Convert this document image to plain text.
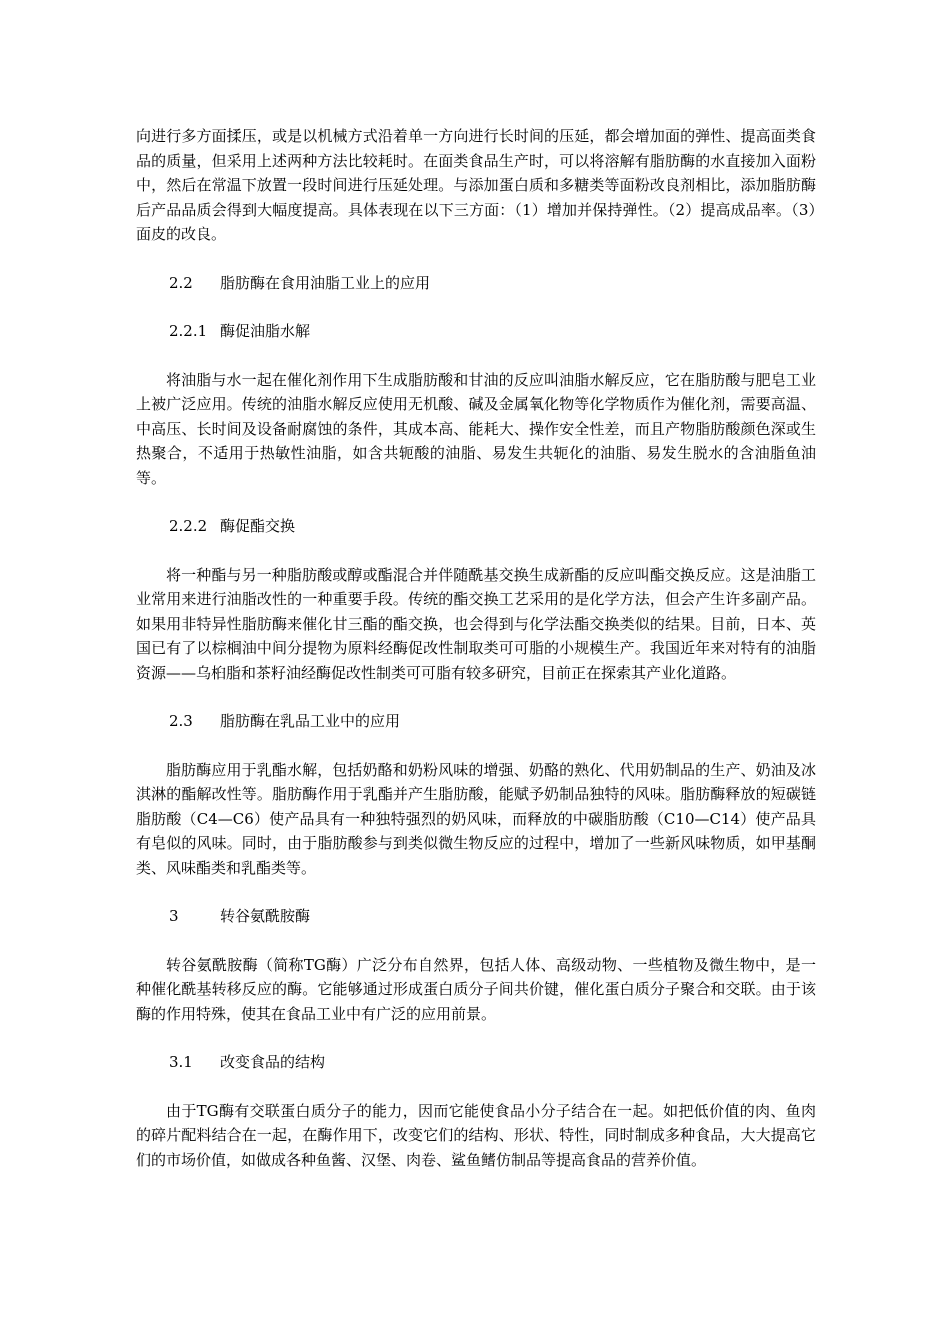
向进行多方面揉压，或是以机械方式沿着单一方向进行长时间的压延，都会增加面的弹性、提高面类食品的质量，但采用上述两种方法比较耗时。在面类食品生产时，可以将溶解有脂肪酶的水直接加入面粉中，然后在常温下放置一段时间进行压延处理。与添加蛋白质和多糖类等面粉改良剂相比，添加脂肪酶后产品品质会得到大幅度提高。具体表现在以下三方面：（1）增加并保持弹性。（2）提高成品率。（3）面皮的改良。

2.2 脂肪酶在食用油脂工业上的应用

2.2.1 酶促油脂水解

将油脂与水一起在催化剂作用下生成脂肪酸和甘油的反应叫油脂水解反应，它在脂肪酸与肥皂工业上被广泛应用。传统的油脂水解反应使用无机酸、碱及金属氧化物等化学物质作为催化剂，需要高温、中高压、长时间及设备耐腐蚀的条件，其成本高、能耗大、操作安全性差，而且产物脂肪酸颜色深或生热聚合，不适用于热敏性油脂，如含共轭酸的油脂、易发生共轭化的油脂、易发生脱水的含油脂鱼油等。

2.2.2 酶促酯交换

将一种酯与另一种脂肪酸或醇或酯混合并伴随酰基交换生成新酯的反应叫酯交换反应。这是油脂工业常用来进行油脂改性的一种重要手段。传统的酯交换工艺采用的是化学方法，但会产生许多副产品。如果用非特异性脂肪酶来催化甘三酯的酯交换，也会得到与化学法酯交换类似的结果。目前，日本、英国已有了以棕榈油中间分提物为原料经酶促改性制取类可可脂的小规模生产。我国近年来对特有的油脂资源——乌桕脂和茶籽油经酶促改性制类可可脂有较多研究，目前正在探索其产业化道路。

2.3 脂肪酶在乳品工业中的应用

脂肪酶应用于乳酯水解，包括奶酪和奶粉风味的增强、奶酪的熟化、代用奶制品的生产、奶油及冰淇淋的酯解改性等。脂肪酶作用于乳酯并产生脂肪酸，能赋予奶制品独特的风味。脂肪酶释放的短碳链脂肪酸（C4—C6）使产品具有一种独特强烈的奶风味，而释放的中碳脂肪酸（C10—C14）使产品具有皂似的风味。同时，由于脂肪酸参与到类似微生物反应的过程中，增加了一些新风味物质，如甲基酮类、风味酯类和乳酯类等。

3	转谷氨酰胺酶

转谷氨酰胺酶（简称TG酶）广泛分布自然界，包括人体、高级动物、一些植物及微生物中，是一种催化酰基转移反应的酶。它能够通过形成蛋白质分子间共价键，催化蛋白质分子聚合和交联。由于该酶的作用特殊，使其在食品工业中有广泛的应用前景。

3.1 改变食品的结构

由于TG酶有交联蛋白质分子的能力，因而它能使食品小分子结合在一起。如把低价值的肉、鱼肉的碎片配料结合在一起，在酶作用下，改变它们的结构、形状、特性，同时制成多种食品，大大提高它们的市场价值，如做成各种鱼酱、汉堡、肉卷、鲨鱼鳍仿制品等提高食品的营养价值。
